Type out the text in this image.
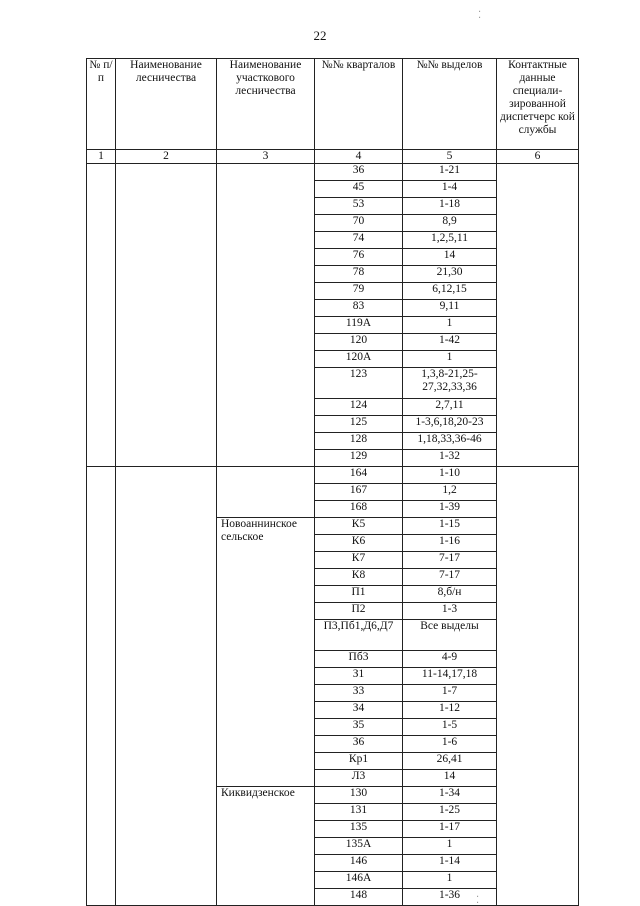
22
№ п/п	Наименование лесничества	Наименование участкового лесничества	№№ кварталов	№№ выделов	Контактные данные специали- зированной диспетчерс кой службы
1	2	3	4	5	6
			36	1-21	
			45	1-4	
			53	1-18	
			70	8,9	
			74	1,2,5,11	
			76	14	
			78	21,30	
			79	6,12,15	
			83	9,11	
			119А	1	
			120	1-42	
			120А	1	
			123	1,3,8-21,25-27,32,33,36	
			124	2,7,11	
			125	1-3,6,18,20-23	
			128	1,18,33,36-46	
			129	1-32	
			164	1-10	
			167	1,2	
			168	1-39	
		Новоаннинское сельское	К5	1-15	
			К6	1-16	
			К7	7-17	
			К8	7-17	
			П1	8,б/н	
			П2	1-3	
			П3,Пб1,Д6,Д7	Все выделы	
			Пб3	4-9	
			З1	11-14,17,18	
			З3	1-7	
			З4	1-12	
			З5	1-5	
			З6	1-6	
			Кр1	26,41	
			Л3	14	
		Киквидзенское	130	1-34	
			131	1-25	
			135	1-17	
			135А	1	
			146	1-14	
			146А	1	
			148	1-36	
⁚
⁚
